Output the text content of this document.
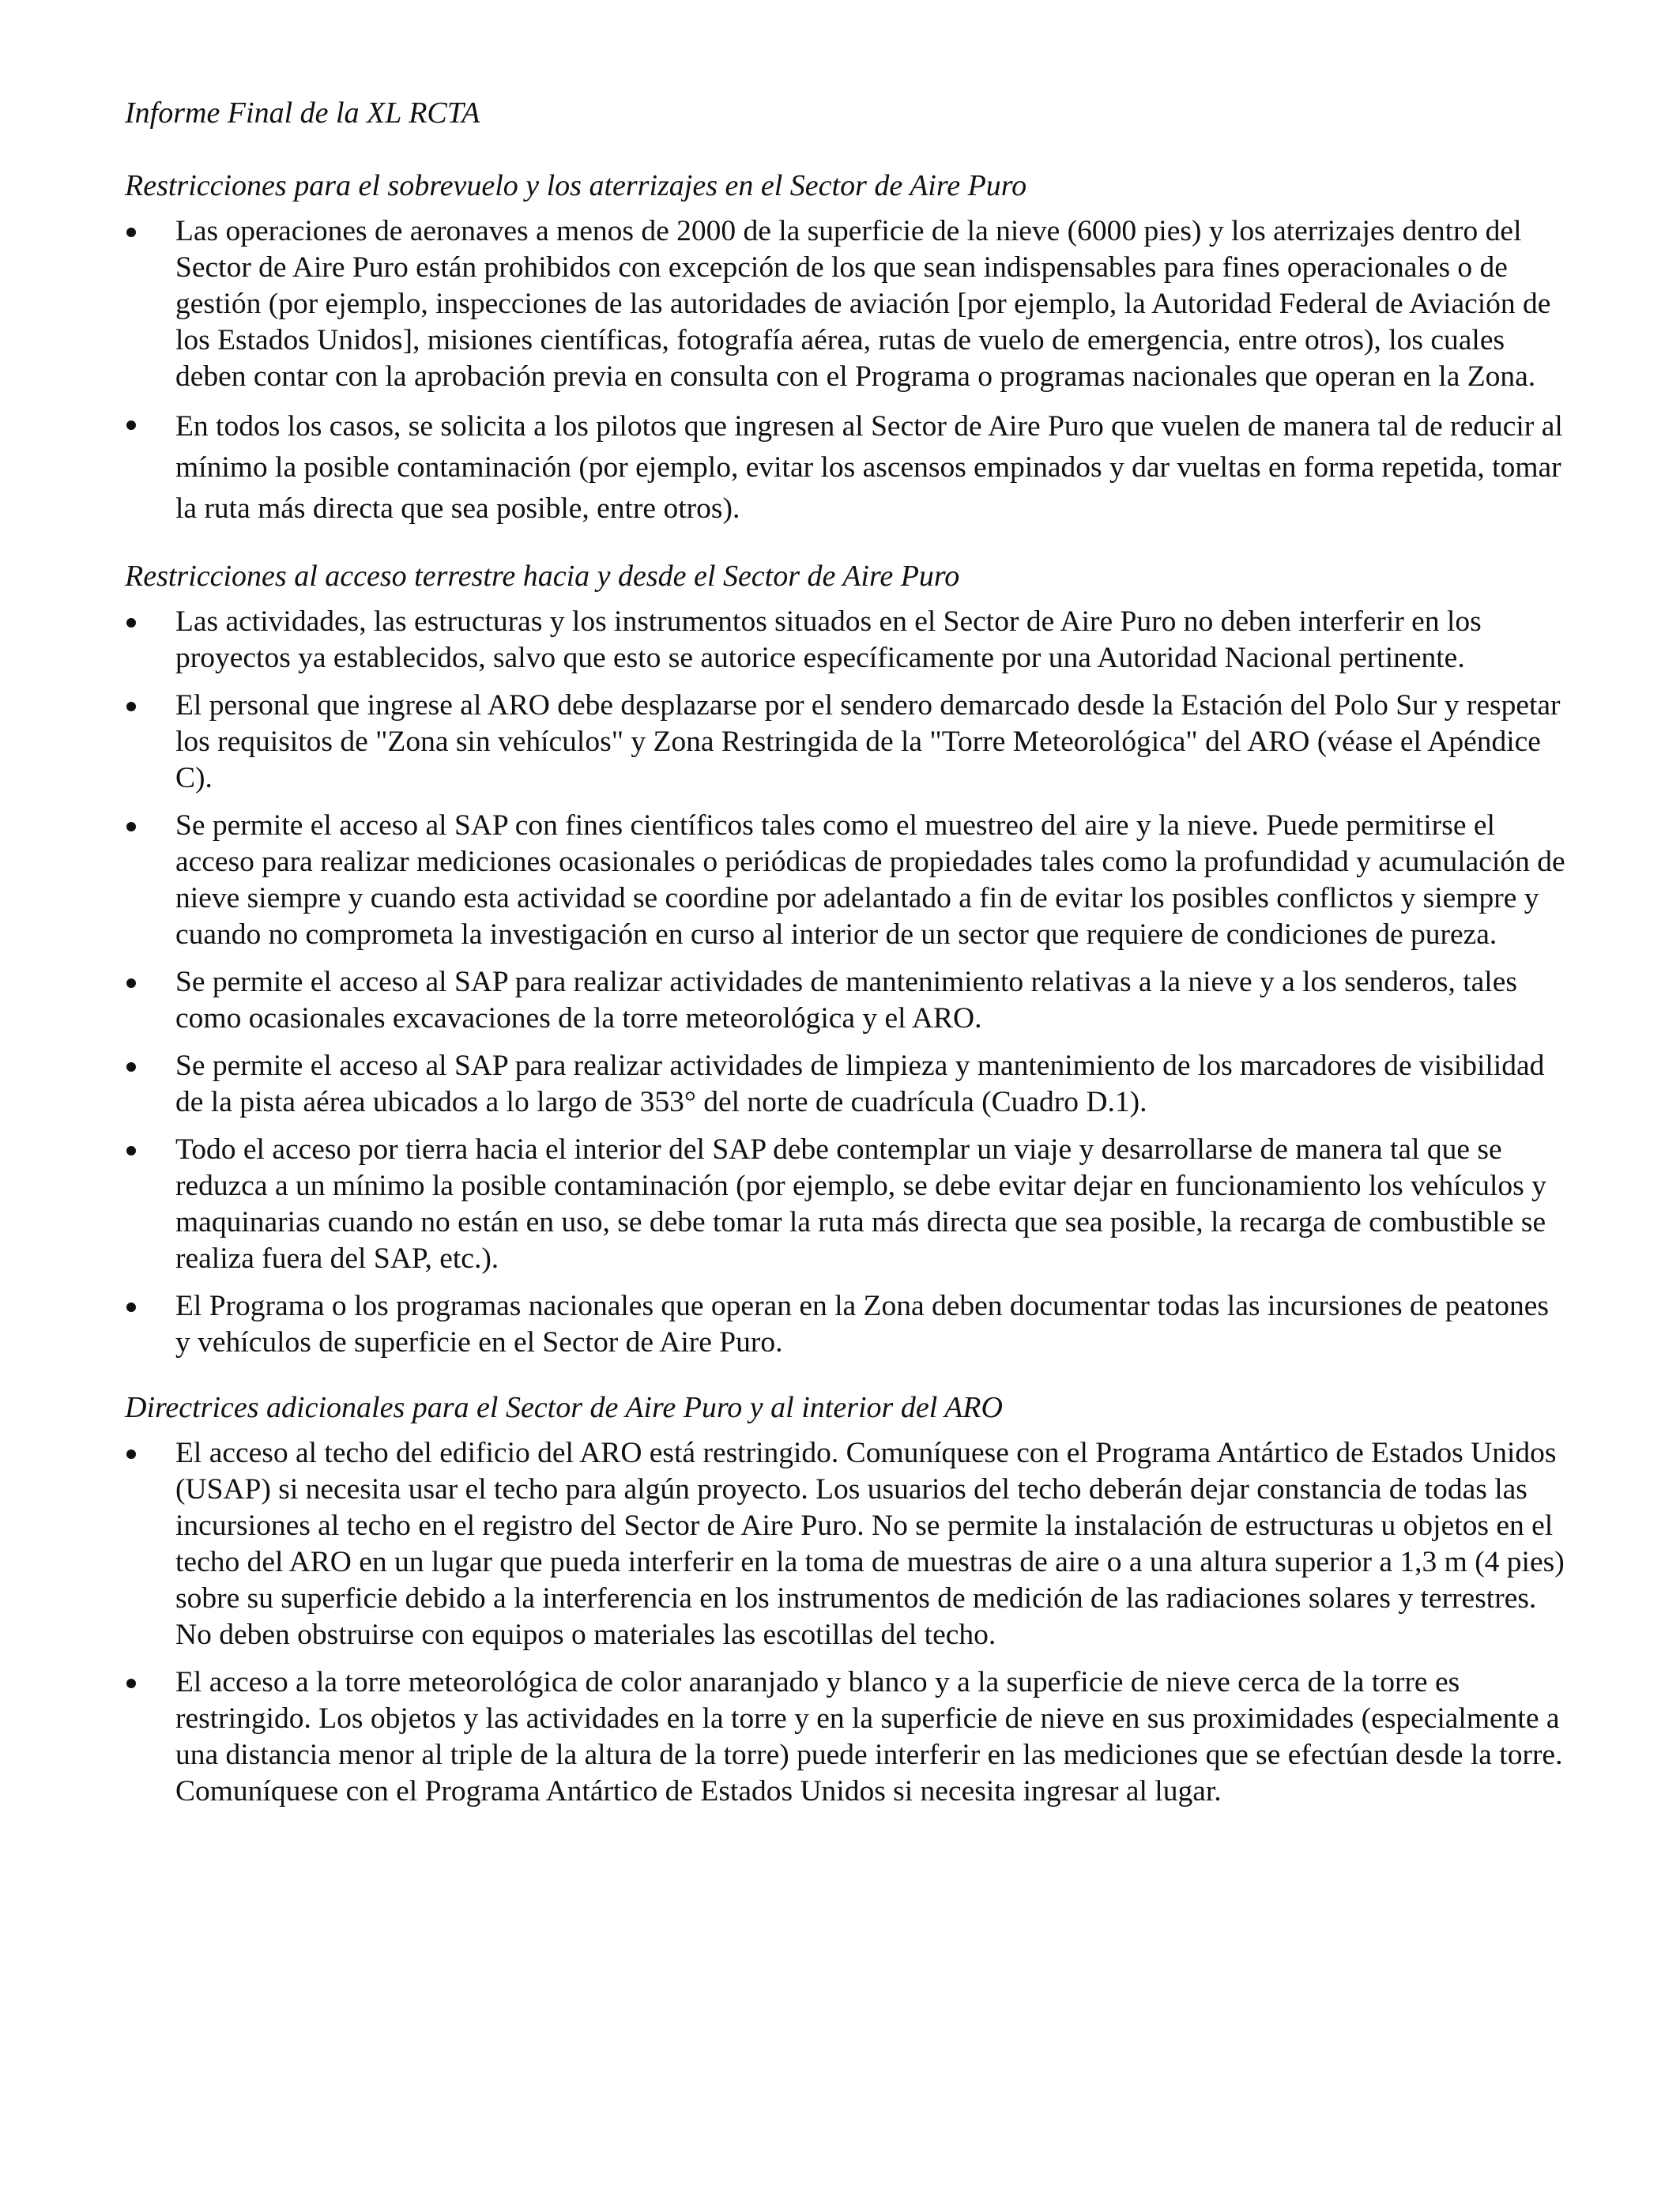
Informe Final de la XL RCTA
Restricciones para el sobrevuelo y los aterrizajes en el Sector de Aire Puro
Las operaciones de aeronaves a menos de 2000 de la superficie de la nieve (6000 pies) y los aterrizajes dentro del Sector de Aire Puro están prohibidos con excepción de los que sean indispensables para fines operacionales o de gestión (por ejemplo, inspecciones de las autoridades de aviación [por ejemplo, la Autoridad Federal de Aviación de los Estados Unidos], misiones científicas, fotografía aérea, rutas de vuelo de emergencia, entre otros), los cuales deben contar con la aprobación previa en consulta con el Programa o programas nacionales que operan en la Zona.
En todos los casos, se solicita a los pilotos que ingresen al Sector de Aire Puro que vuelen de manera tal de reducir al mínimo la posible contaminación (por ejemplo, evitar los ascensos empinados y dar vueltas en forma repetida, tomar la ruta más directa que sea posible, entre otros).
Restricciones al acceso terrestre hacia y desde el Sector de Aire Puro
Las actividades, las estructuras y los instrumentos situados en el Sector de Aire Puro no deben interferir en los proyectos ya establecidos, salvo que esto se autorice específicamente por una Autoridad Nacional pertinente.
El personal que ingrese al ARO debe desplazarse por el sendero demarcado desde la Estación del Polo Sur y respetar los requisitos de "Zona sin vehículos" y Zona Restringida de la "Torre Meteorológica" del ARO (véase el Apéndice C).
Se permite el acceso al SAP con fines científicos tales como el muestreo del aire y la nieve. Puede permitirse el acceso para realizar mediciones ocasionales o periódicas de propiedades tales como la profundidad y acumulación de nieve siempre y cuando esta actividad se coordine por adelantado a fin de evitar los posibles conflictos y siempre y cuando no comprometa la investigación en curso al interior de un sector que requiere de condiciones de pureza.
Se permite el acceso al SAP para realizar actividades de mantenimiento relativas a la nieve y a los senderos, tales como ocasionales excavaciones de la torre meteorológica y el ARO.
Se permite el acceso al SAP para realizar actividades de limpieza y mantenimiento de los marcadores de visibilidad de la pista aérea ubicados a lo largo de 353° del norte de cuadrícula (Cuadro D.1).
Todo el acceso por tierra hacia el interior del SAP debe contemplar un viaje y desarrollarse de manera tal que se reduzca a un mínimo la posible contaminación (por ejemplo, se debe evitar dejar en funcionamiento los vehículos y maquinarias cuando no están en uso, se debe tomar la ruta más directa que sea posible, la recarga de combustible se realiza fuera del SAP, etc.).
El Programa o los programas nacionales que operan en la Zona deben documentar todas las incursiones de peatones y vehículos de superficie en el Sector de Aire Puro.
Directrices adicionales para el Sector de Aire Puro y al interior del ARO
El acceso al techo del edificio del ARO está restringido. Comuníquese con el Programa Antártico de Estados Unidos (USAP) si necesita usar el techo para algún proyecto. Los usuarios del techo deberán dejar constancia de todas las incursiones al techo en el registro del Sector de Aire Puro. No se permite la instalación de estructuras u objetos en el techo del ARO en un lugar que pueda interferir en la toma de muestras de aire o a una altura superior a 1,3 m (4 pies) sobre su superficie debido a la interferencia en los instrumentos de medición de las radiaciones solares y terrestres. No deben obstruirse con equipos o materiales las escotillas del techo.
El acceso a la torre meteorológica de color anaranjado y blanco y a la superficie de nieve cerca de la torre es restringido. Los objetos y las actividades en la torre y en la superficie de nieve en sus proximidades (especialmente a una distancia menor al triple de la altura de la torre) puede interferir en las mediciones que se efectúan desde la torre. Comuníquese con el Programa Antártico de Estados Unidos si necesita ingresar al lugar.
